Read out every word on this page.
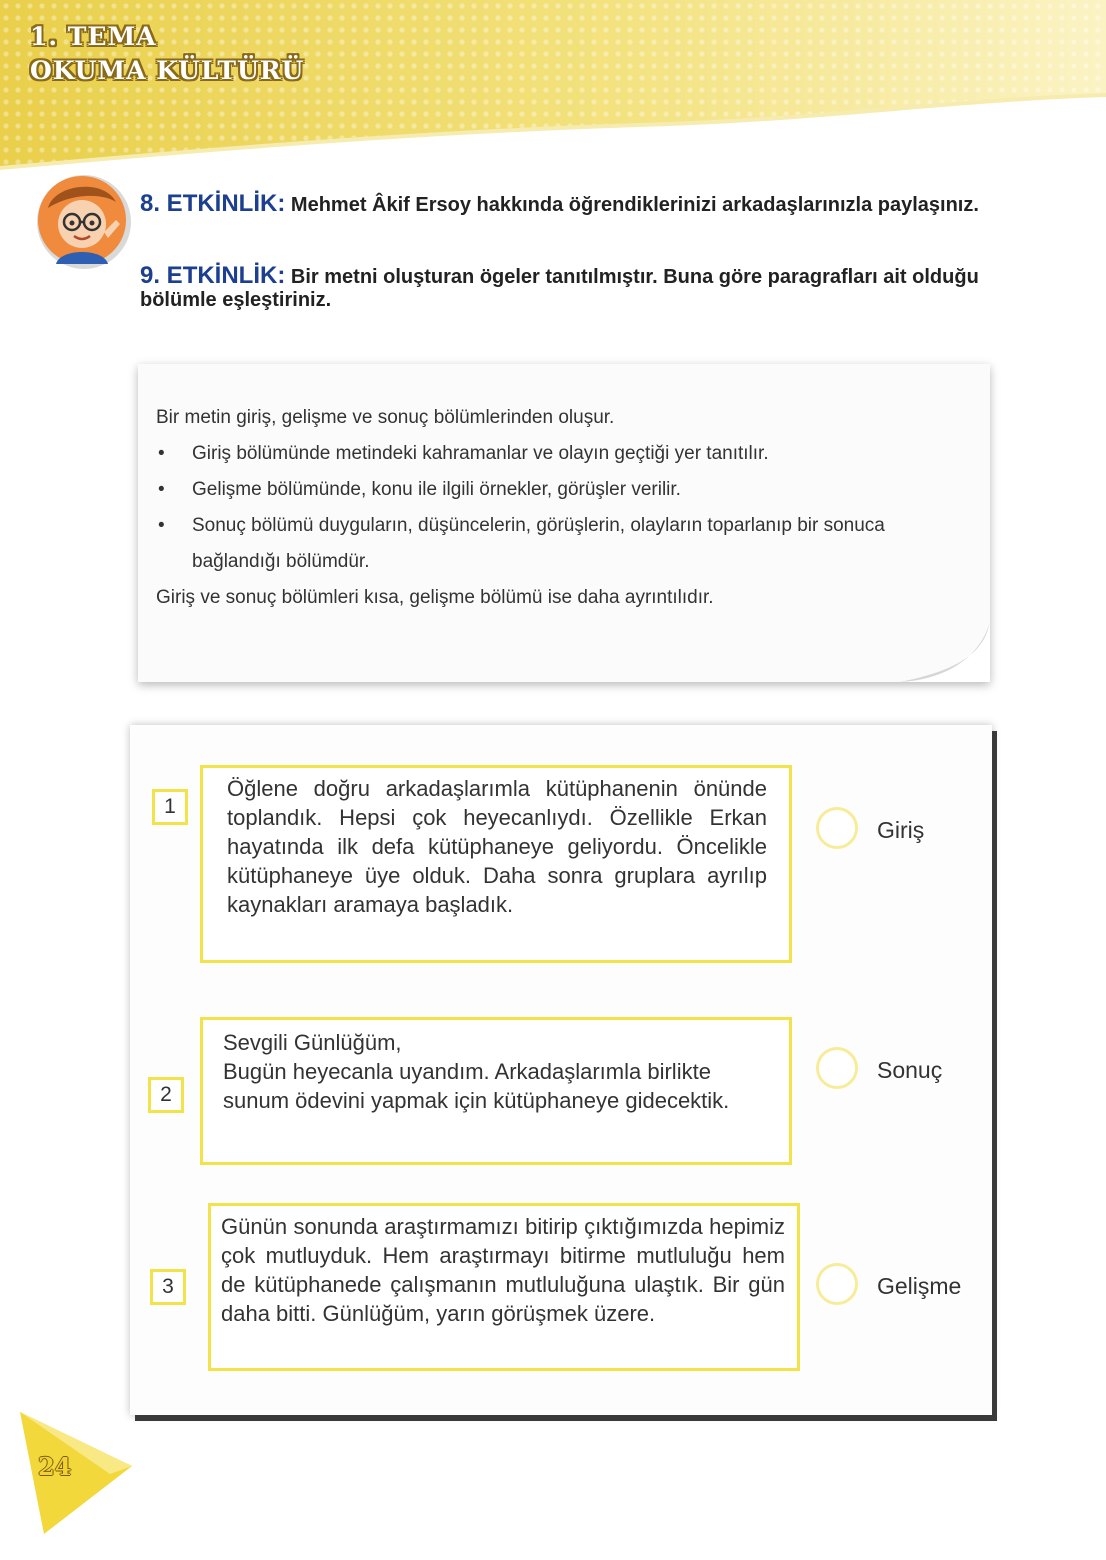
1. TEMA
OKUMA KÜLTÜRÜ
8. ETKİNLİK: Mehmet Âkif Ersoy hakkında öğrendiklerinizi arkadaşlarınızla paylaşınız.
9. ETKİNLİK: Bir metni oluşturan ögeler tanıtılmıştır. Buna göre paragrafları ait olduğu bölümle eşleştiriniz.
Bir metin giriş, gelişme ve sonuç bölümlerinden oluşur.
• Giriş bölümünde metindeki kahramanlar ve olayın geçtiği yer tanıtılır.
• Gelişme bölümünde, konu ile ilgili örnekler, görüşler verilir.
• Sonuç bölümü duyguların, düşüncelerin, görüşlerin, olayların toparlanıp bir sonuca bağlandığı bölümdür.
Giriş ve sonuç bölümleri kısa, gelişme bölümü ise daha ayrıntılıdır.
1
Öğlene doğru arkadaşlarımla kütüphanenin önünde toplandık. Hepsi çok heyecanlıydı. Özellikle Erkan hayatında ilk defa kütüphaneye geliyordu. Öncelikle kütüphaneye üye olduk. Daha sonra gruplara ayrılıp kaynakları aramaya başladık.
Giriş
2
Sevgili Günlüğüm,
Bugün heyecanla uyandım. Arkadaşlarımla birlikte sunum ödevini yapmak için kütüphaneye gidecektik.
Sonuç
3
Günün sonunda araştırmamızı bitirip çıktığımızda hepimiz çok mutluyduk. Hem araştırmayı bitirme mutluluğu hem de kütüphanede çalışmanın mutluluğuna ulaştık. Bir gün daha bitti. Günlüğüm, yarın görüşmek üzere.
Gelişme
24
